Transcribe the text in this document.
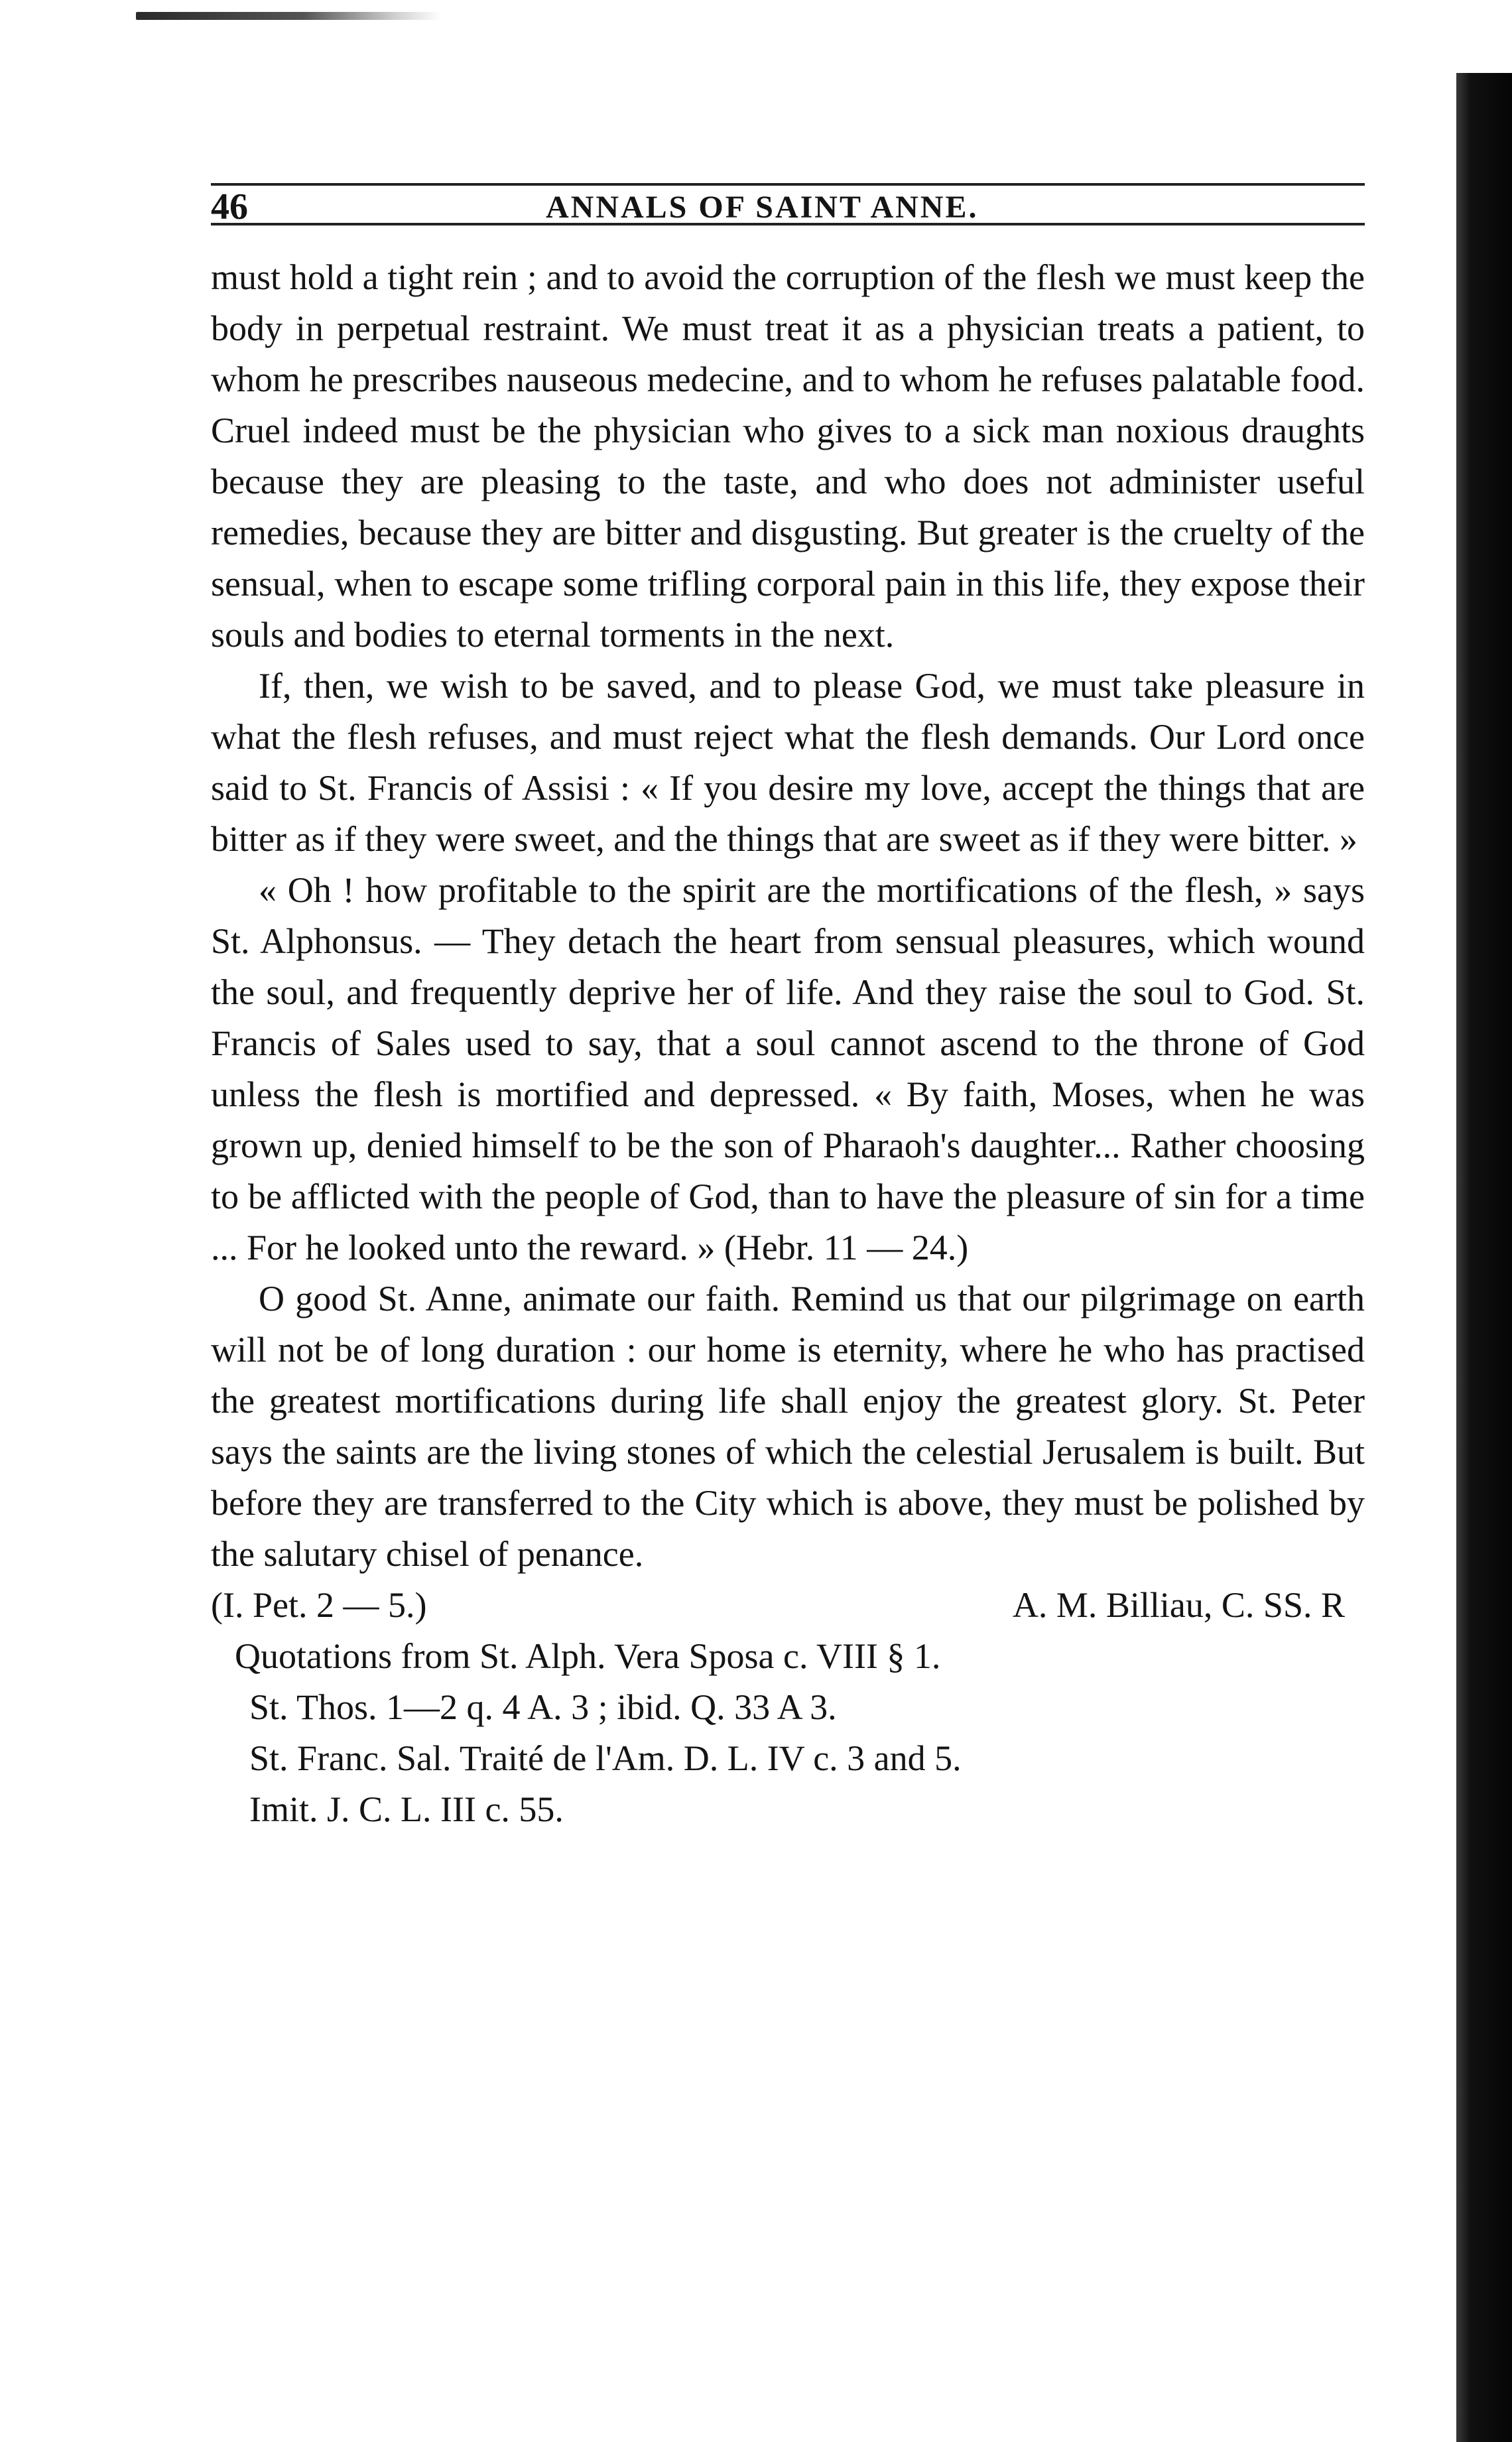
46	ANNALS OF SAINT ANNE.

must hold a tight rein ; and to avoid the corruption of the flesh we must keep the body in perpetual restraint. We must treat it as a physician treats a patient, to whom he prescribes nauseous medecine, and to whom he refuses palatable food. Cruel indeed must be the physician who gives to a sick man noxious draughts because they are pleasing to the taste, and who does not administer useful remedies, because they are bitter and disgusting. But greater is the cruelty of the sensual, when to escape some trifling corporal pain in this life, they expose their souls and bodies to eternal torments in the next.

If, then, we wish to be saved, and to please God, we must take pleasure in what the flesh refuses, and must reject what the flesh demands. Our Lord once said to St. Francis of Assisi : « If you desire my love, accept the things that are bitter as if they were sweet, and the things that are sweet as if they were bitter. »

« Oh ! how profitable to the spirit are the mortifications of the flesh, » says St. Alphonsus. — They detach the heart from sensual pleasures, which wound the soul, and frequently deprive her of life. And they raise the soul to God. St. Francis of Sales used to say, that a soul cannot ascend to the throne of God unless the flesh is mortified and depressed. « By faith, Moses, when he was grown up, denied himself to be the son of Pharaoh's daughter... Rather choosing to be afflicted with the people of God, than to have the pleasure of sin for a time ... For he looked unto the reward. » (Hebr. 11 — 24.)

O good St. Anne, animate our faith. Remind us that our pilgrimage on earth will not be of long duration : our home is eternity, where he who has practised the greatest mortifications during life shall enjoy the greatest glory. St. Peter says the saints are the living stones of which the celestial Jerusalem is built. But before they are transferred to the City which is above, they must be polished by the salutary chisel of penance.

(I. Pet. 2 — 5.)	A. M. Billiau, C. SS. R
Quotations from St. Alph. Vera Sposa c. VIII § 1.
St. Thos. 1—2 q. 4 A. 3 ; ibid. Q. 33 A 3.
St. Franc. Sal. Traité de l'Am. D. L. IV c. 3 and 5.
Imit. J. C. L. III c. 55.
